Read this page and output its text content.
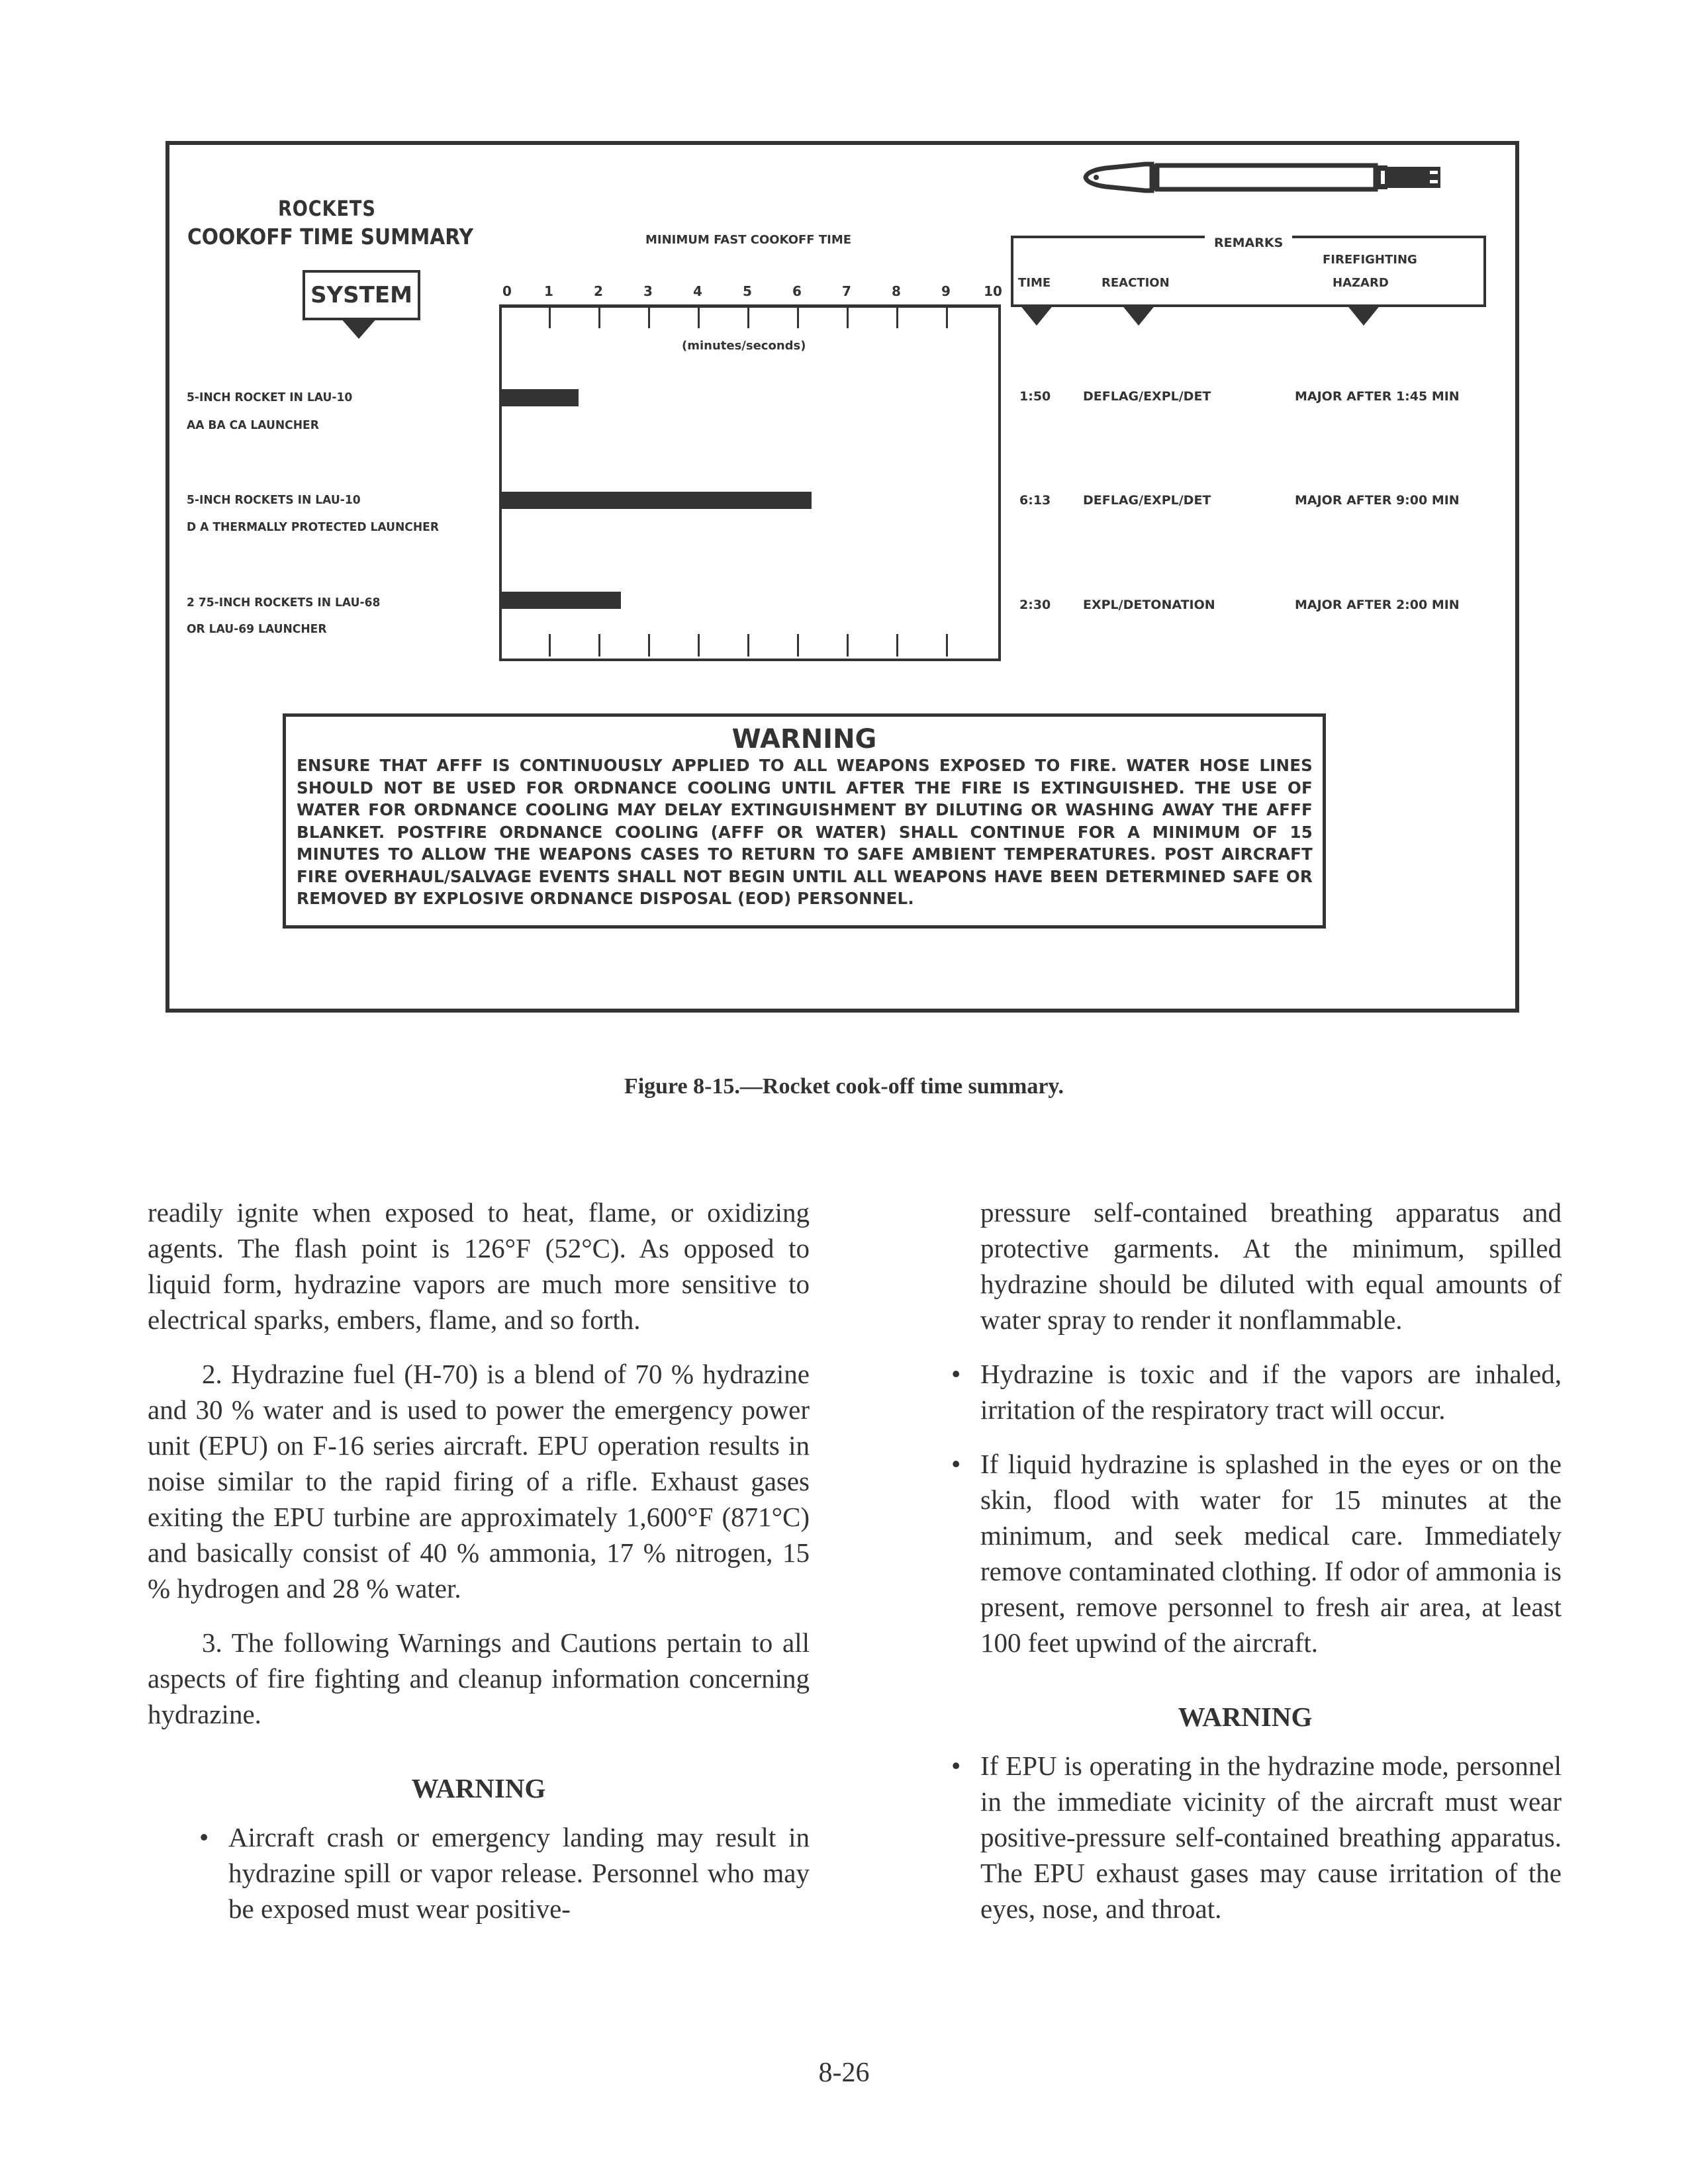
ROCKETS
COOKOFF TIME SUMMARY
SYSTEM
MINIMUM FAST COOKOFF TIME
0	1	2	3	4	5	6	7	8	9	10
(minutes/seconds)
5-INCH ROCKET IN LAU-10
AA BA CA LAUNCHER
5-INCH ROCKETS IN LAU-10
D A THERMALLY PROTECTED LAUNCHER
2 75-INCH ROCKETS IN LAU-68
OR LAU-69 LAUNCHER
REMARKS
TIME	REACTION
FIREFIGHTING
HAZARD
1:50	DEFLAG/EXPL/DET	MAJOR AFTER 1:45 MIN
6:13	DEFLAG/EXPL/DET	MAJOR AFTER 9:00 MIN
2:30	EXPL/DETONATION	MAJOR AFTER 2:00 MIN
WARNING
ENSURE THAT AFFF IS CONTINUOUSLY APPLIED TO ALL WEAPONS EXPOSED TO FIRE. WATER HOSE LINES SHOULD NOT BE USED FOR ORDNANCE COOLING UNTIL AFTER THE FIRE IS EXTINGUISHED. THE USE OF WATER FOR ORDNANCE COOLING MAY DELAY EXTINGUISHMENT BY DILUTING OR WASHING AWAY THE AFFF BLANKET. POSTFIRE ORDNANCE COOLING (AFFF OR WATER) SHALL CONTINUE FOR A MINIMUM OF 15 MINUTES TO ALLOW THE WEAPONS CASES TO RETURN TO SAFE AMBIENT TEMPERATURES. POST AIRCRAFT FIRE OVERHAUL/SALVAGE EVENTS SHALL NOT BEGIN UNTIL ALL WEAPONS HAVE BEEN DETERMINED SAFE OR REMOVED BY EXPLOSIVE ORDNANCE DISPOSAL (EOD) PERSONNEL.
Figure 8-15.—Rocket cook-off time summary.

readily ignite when exposed to heat, flame, or oxidizing agents. The flash point is 126°F (52°C). As opposed to liquid form, hydrazine vapors are much more sensitive to electrical sparks, embers, flame, and so forth.

2. Hydrazine fuel (H-70) is a blend of 70 % hydrazine and 30 % water and is used to power the emergency power unit (EPU) on F-16 series aircraft. EPU operation results in noise similar to the rapid firing of a rifle. Exhaust gases exiting the EPU turbine are approximately 1,600°F (871°C) and basically consist of 40 % ammonia, 17 % nitrogen, 15 % hydrogen and 28 % water.

3. The following Warnings and Cautions pertain to all aspects of fire fighting and cleanup information concerning hydrazine.

WARNING

• Aircraft crash or emergency landing may result in hydrazine spill or vapor release. Personnel who may be exposed must wear positive-
pressure self-contained breathing apparatus and protective garments. At the minimum, spilled hydrazine should be diluted with equal amounts of water spray to render it nonflammable.
• Hydrazine is toxic and if the vapors are inhaled, irritation of the respiratory tract will occur.
• If liquid hydrazine is splashed in the eyes or on the skin, flood with water for 15 minutes at the minimum, and seek medical care. Immediately remove contaminated clothing. If odor of ammonia is present, remove personnel to fresh air area, at least 100 feet upwind of the aircraft.

WARNING

• If EPU is operating in the hydrazine mode, personnel in the immediate vicinity of the aircraft must wear positive-pressure self-contained breathing apparatus. The EPU exhaust gases may cause irritation of the eyes, nose, and throat.
8-26
